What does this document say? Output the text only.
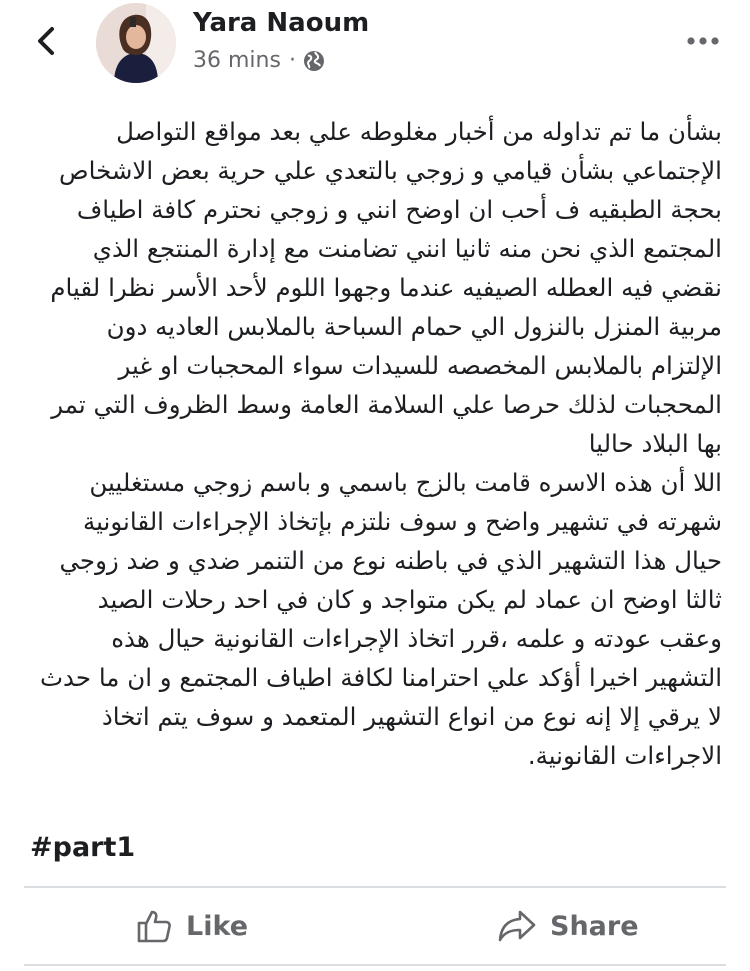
Yara Naoum
36 mins ·

بشأن ما تم تداوله من أخبار مغلوطه علي بعد مواقع التواصل الإجتماعي بشأن قيامي و زوجي بالتعدي علي حرية بعض الاشخاص بحجة الطبقيه ف أحب ان اوضح انني و زوجي نحترم كافة اطياف المجتمع الذي نحن منه ثانيا انني تضامنت مع إدارة المنتجع الذي نقضي فيه العطله الصيفيه عندما وجهوا اللوم لأحد الأسر نظرا لقيام مربية المنزل بالنزول الي حمام السباحة بالملابس العاديه دون الإلتزام بالملابس المخصصه للسيدات سواء المحجبات او غير المحجبات لذلك حرصا علي السلامة العامة وسط الظروف التي تمر بها البلاد حاليا

اللا أن هذه الاسره قامت بالزج باسمي و باسم زوجي مستغليين شهرته في تشهير واضح و سوف نلتزم بإتخاذ الإجراءات القانونية حيال هذا التشهير الذي في باطنه نوع من التنمر ضدي و ضد زوجي

ثالثا اوضح ان عماد لم يكن متواجد و كان في احد رحلات الصيد وعقب عودته و علمه ،قرر اتخاذ الإجراءات القانونية حيال هذه التشهير اخيرا أؤكد علي احترامنا لكافة اطياف المجتمع و ان ما حدث لا يرقي إلا إنه نوع من انواع التشهير المتعمد و سوف يتم اتخاذ الاجراءات القانونية.

#part1
Like	Share
